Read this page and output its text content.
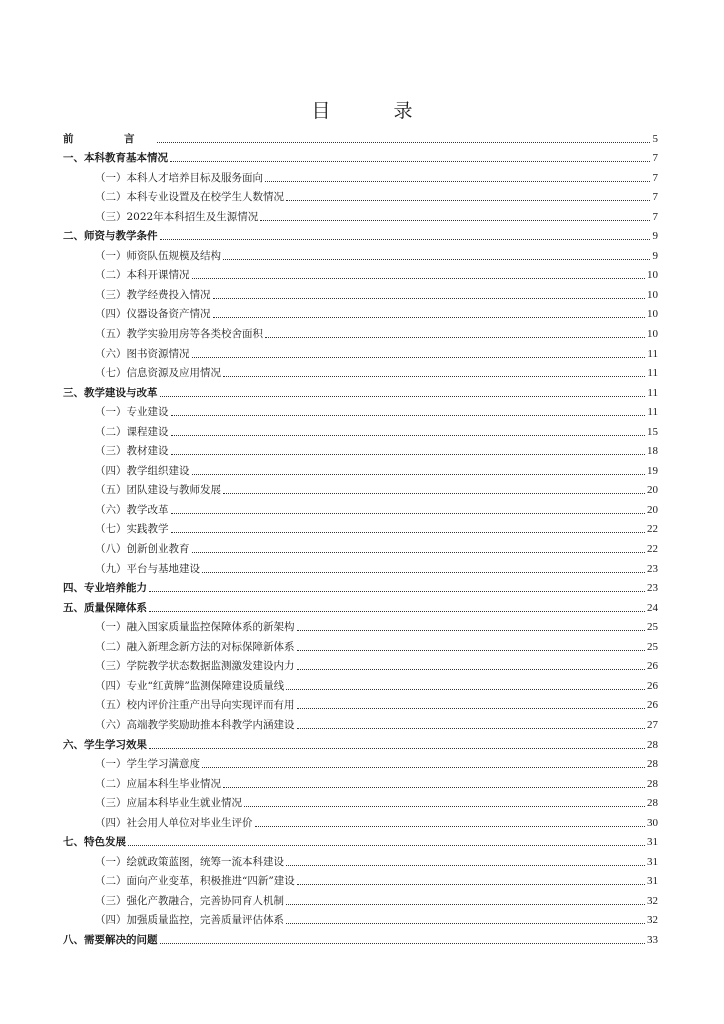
目　录
前　言	5
一、本科教育基本情况	7
（一）本科人才培养目标及服务面向	7
（二）本科专业设置及在校学生人数情况	7
（三）2022年本科招生及生源情况	7
二、师资与教学条件	9
（一）师资队伍规模及结构	9
（二）本科开课情况	10
（三）教学经费投入情况	10
（四）仪器设备资产情况	10
（五）教学实验用房等各类校舍面积	10
（六）图书资源情况	11
（七）信息资源及应用情况	11
三、教学建设与改革	11
（一）专业建设	11
（二）课程建设	15
（三）教材建设	18
（四）教学组织建设	19
（五）团队建设与教师发展	20
（六）教学改革	20
（七）实践教学	22
（八）创新创业教育	22
（九）平台与基地建设	23
四、专业培养能力	23
五、质量保障体系	24
（一）融入国家质量监控保障体系的新架构	25
（二）融入新理念新方法的对标保障新体系	25
（三）学院教学状态数据监测激发建设内力	26
（四）专业“红黄牌”监测保障建设质量线	26
（五）校内评价注重产出导向实现评而有用	26
（六）高端教学奖励助推本科教学内涵建设	27
六、学生学习效果	28
（一）学生学习满意度	28
（二）应届本科生毕业情况	28
（三）应届本科毕业生就业情况	28
（四）社会用人单位对毕业生评价	30
七、特色发展	31
（一）绘就政策蓝图，统筹一流本科建设	31
（二）面向产业变革，积极推进“四新”建设	31
（三）强化产教融合，完善协同育人机制	32
（四）加强质量监控，完善质量评估体系	32
八、需要解决的问题	33
